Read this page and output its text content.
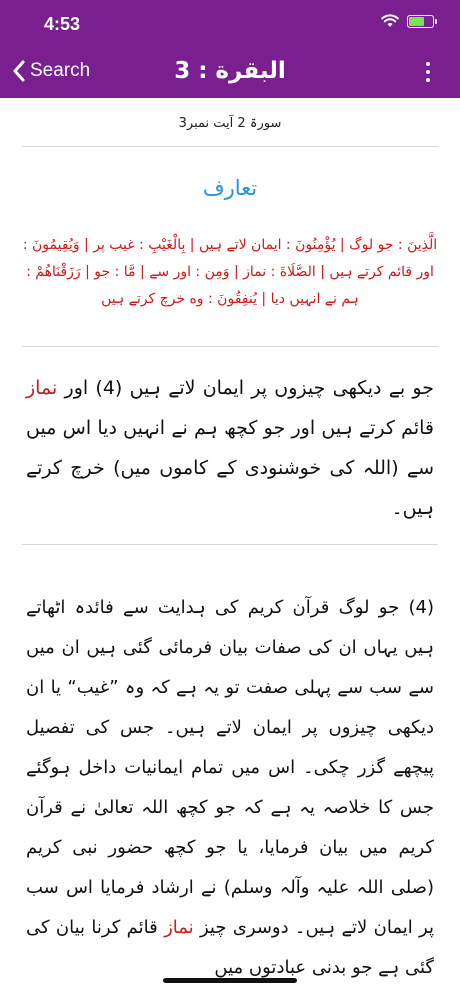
4:53
Search	البقرة : 3
سورۃ 2 آیت نمبر3
تعارف
الَّذِينَ : جو لوگ | يُؤْمِنُونَ : ايمان لاتے ہيں | بِالْغَيْبِ : غيب پر | وَيُقِيمُونَ : اور قائم کرتے ہيں | الصَّلَاةَ : نماز | وَمِن : اور سے | مَّا : جو | رَزَقْنَاهُمْ : ہم نے انہيں ديا | يُنفِقُونَ : وه خرچ کرتے ہيں
جو بے دیکھی چیزوں پر ایمان لاتے ہیں (4) اور نماز قائم کرتے ہیں اور جو کچھ ہم نے انہیں دیا اس میں سے (اللہ کی خوشنودی کے کاموں میں) خرچ کرتے ہیں۔
(4) جو لوگ قرآن کریم کی ہدایت سے فائدہ اٹھاتے ہیں یہاں ان کی صفات بیان فرمائی گئی ہیں ان میں سے سب سے پہلی صفت تو یہ ہے کہ وہ ”غیب“ یا ان دیکھی چیزوں پر ایمان لاتے ہیں۔ جس کی تفصیل پیچھے گزر چکی۔ اس میں تمام ایمانیات داخل ہوگئے جس کا خلاصہ یہ ہے کہ جو کچھ اللہ تعالیٰ نے قرآن کریم میں بیان فرمایا، یا جو کچھ حضور نبی کریم (صلی اللہ علیہ وآلہ وسلم) نے ارشاد فرمایا اس سب پر ایمان لاتے ہیں۔ دوسری چیز نماز قائم کرنا بیان کی گئی ہے جو بدنی عبادتوں میں
